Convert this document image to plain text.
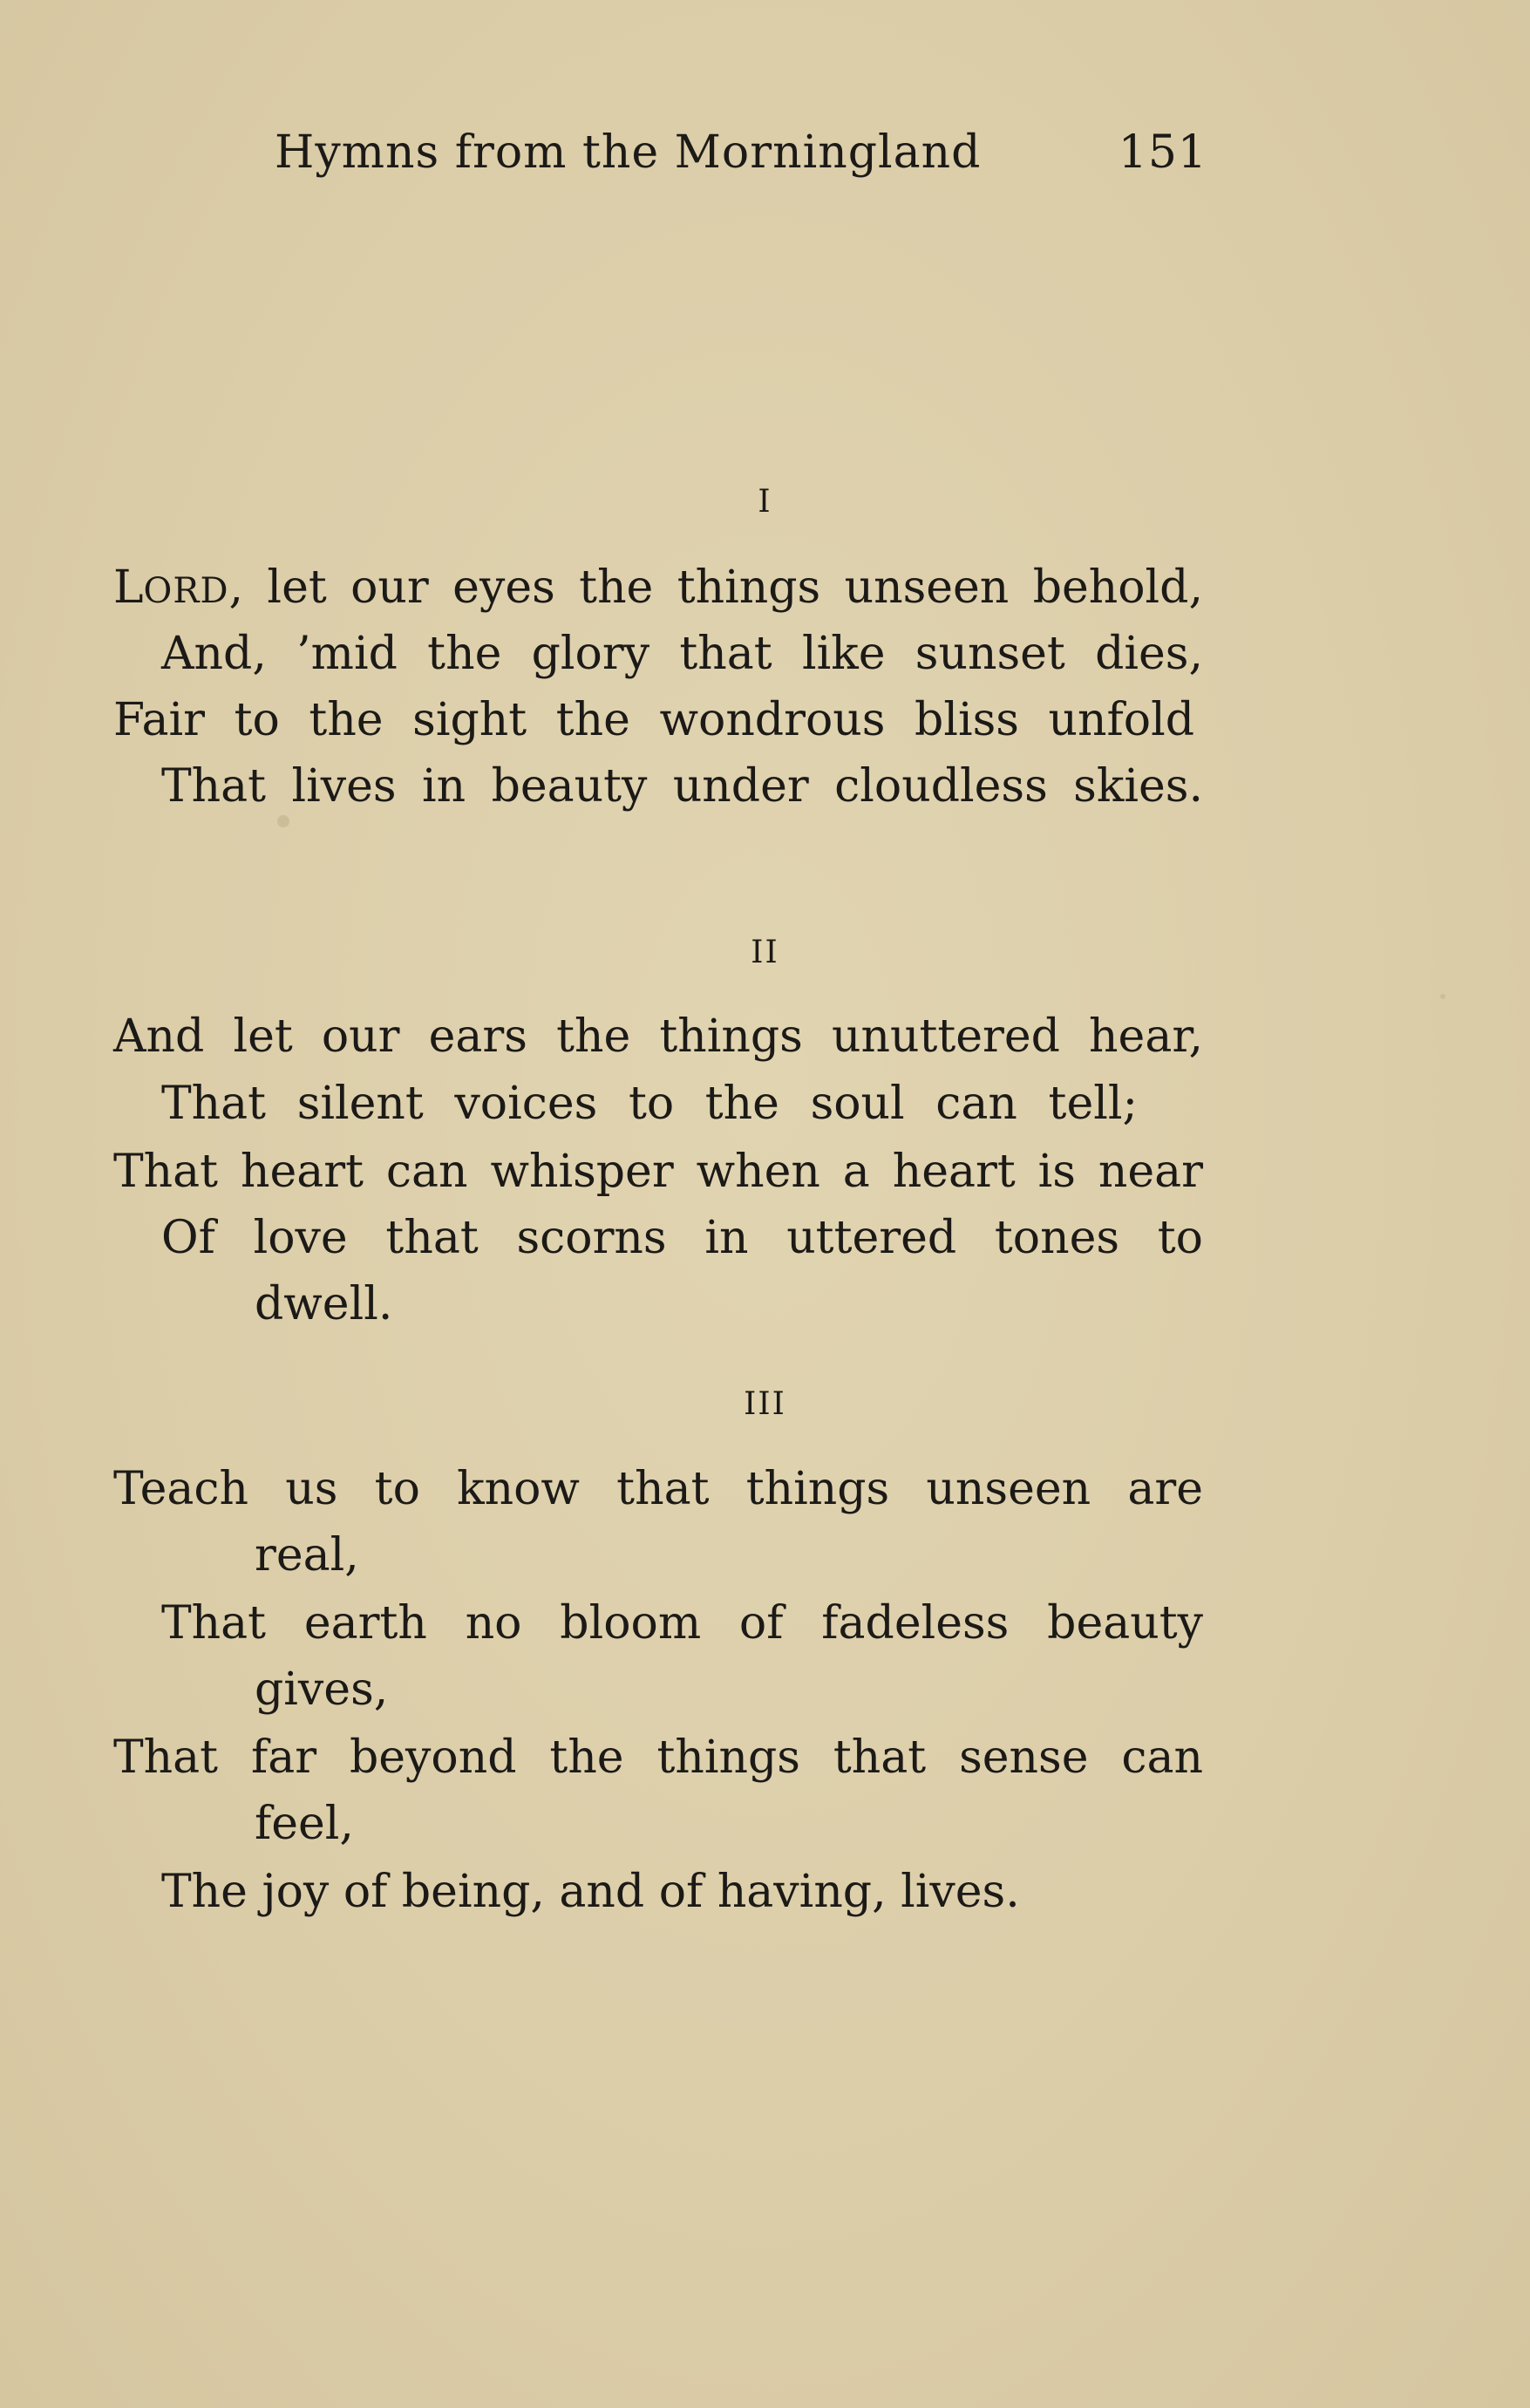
Hymns from the Morningland	151
I
LORD, let our eyes the things unseen behold,
And, ’mid the glory that like sunset dies,
Fair to the sight the wondrous bliss unfold
That lives in beauty under cloudless skies.
II
And let our ears the things unuttered hear,
That silent voices to the soul can tell;
That heart can whisper when a heart is near
Of love that scorns in uttered tones to
dwell.
III
Teach us to know that things unseen are
real,
That earth no bloom of fadeless beauty
gives,
That far beyond the things that sense can
feel,
The joy of being, and of having, lives.
